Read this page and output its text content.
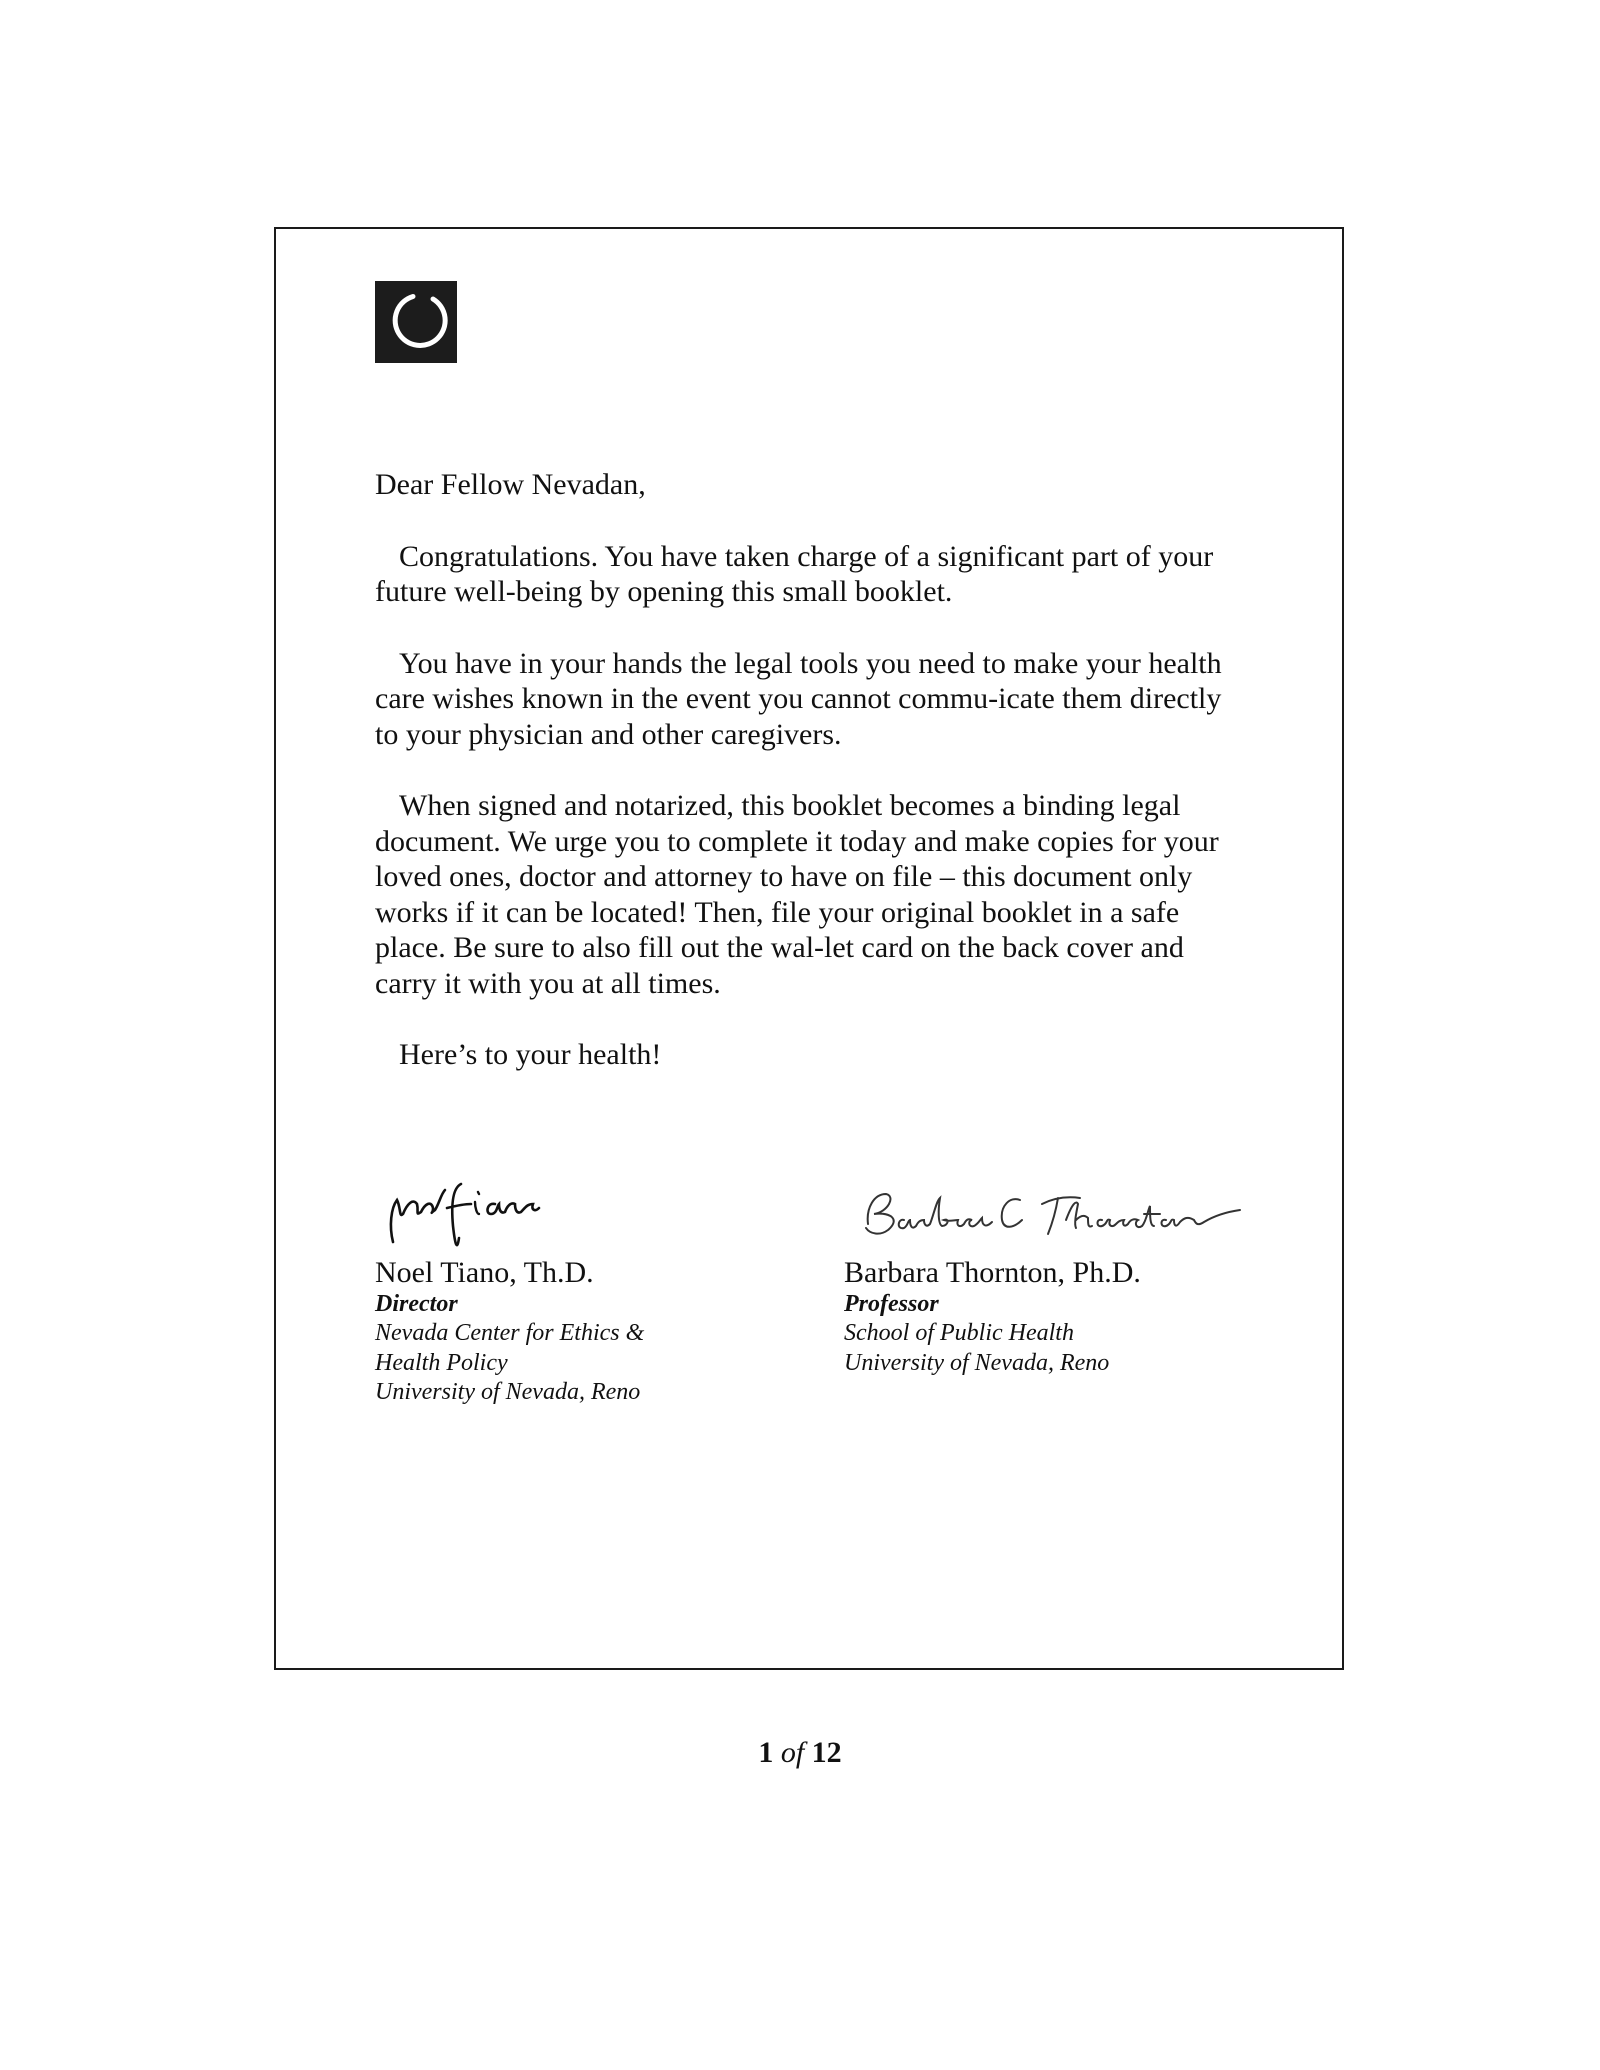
Dear Fellow Nevadan,

Congratulations. You have taken charge of a significant part of your future well-being by opening this small booklet.

You have in your hands the legal tools you need to make your health care wishes known in the event you cannot commu-icate them directly to your physician and other caregivers.

When signed and notarized, this booklet becomes a binding legal document. We urge you to complete it today and make copies for your loved ones, doctor and attorney to have on file – this document only works if it can be located! Then, file your original booklet in a safe place. Be sure to also fill out the wal-let card on the back cover and carry it with you at all times.

Here’s to your health!

Noel Tiano, Th.D.
Director
Nevada Center for Ethics &
Health Policy
University of Nevada, Reno
Barbara Thornton, Ph.D.
Professor
School of Public Health
University of Nevada, Reno
1 of 12
